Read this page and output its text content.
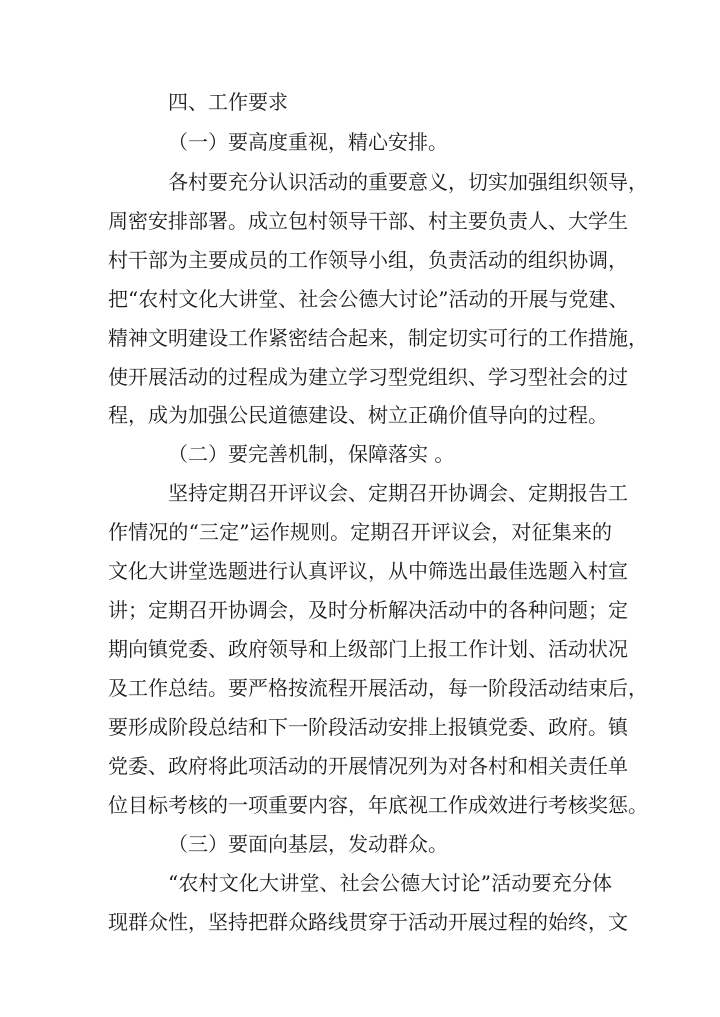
四、工作要求
（一）要高度重视，精心安排。
各村要充分认识活动的重要意义，切实加强组织领导，
周密安排部署。成立包村领导干部、村主要负责人、大学生
村干部为主要成员的工作领导小组，负责活动的组织协调，
把“农村文化大讲堂、社会公德大讨论”活动的开展与党建、
精神文明建设工作紧密结合起来，制定切实可行的工作措施，
使开展活动的过程成为建立学习型党组织、学习型社会的过
程，成为加强公民道德建设、树立正确价值导向的过程。
（二）要完善机制，保障落实 。
坚持定期召开评议会、定期召开协调会、定期报告工
作情况的“三定”运作规则。定期召开评议会，对征集来的
文化大讲堂选题进行认真评议，从中筛选出最佳选题入村宣
讲；定期召开协调会，及时分析解决活动中的各种问题；定
期向镇党委、政府领导和上级部门上报工作计划、活动状况
及工作总结。要严格按流程开展活动，每一阶段活动结束后，
要形成阶段总结和下一阶段活动安排上报镇党委、政府。镇
党委、政府将此项活动的开展情况列为对各村和相关责任单
位目标考核的一项重要内容，年底视工作成效进行考核奖惩。
（三）要面向基层，发动群众。
“农村文化大讲堂、社会公德大讨论”活动要充分体
现群众性，坚持把群众路线贯穿于活动开展过程的始终，文
